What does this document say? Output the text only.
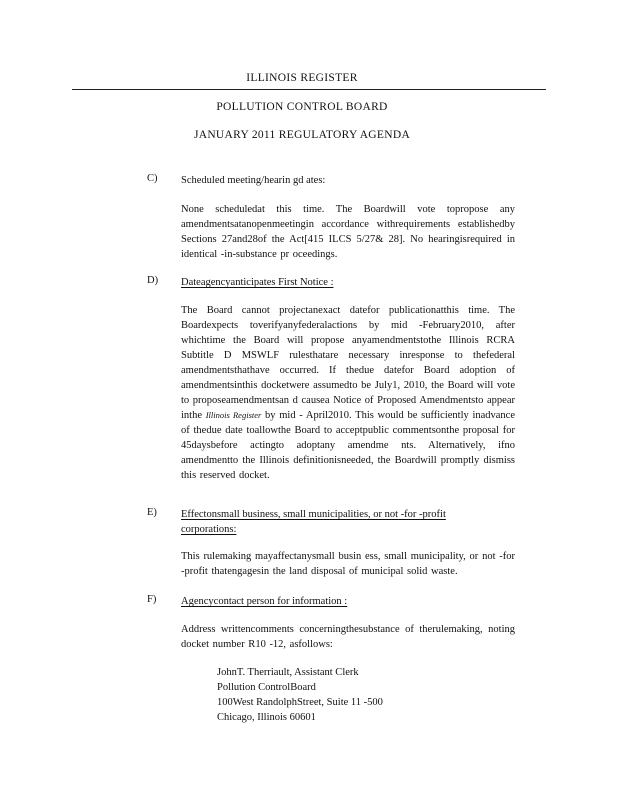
ILLINOIS REGISTER
POLLUTION CONTROL BOARD
JANUARY 2011 REGULATORY AGENDA
C) Scheduled meeting/hearin gd ates:
None scheduledat this time. The Boardwill vote topropose any amendmentsatanopenmeetingin accordance withrequirements establishedby Sections 27and28of the Act[415 ILCS 5/27& 28]. No hearingisrequired in identical -in-substance pr oceedings.
D) Dateagencyanticipates First Notice :
The Board cannot projectanexact datefor publicationatthis time. The Boardexpects toverifyanyfederalactions by mid -February2010, after whichtime the Board will propose anyamendmentstothe Illinois RCRA Subtitle D MSWLF rulesthatare necessary inresponse to thefederal amendmentsthathave occurred. If thedue datefor Board adoption of amendmentsinthis docketwere assumedto be July1, 2010, the Board will vote to proposeamendmentsan d causea Notice of Proposed Amendmentsto appear inthe Illinois Register by mid - April2010. This would be sufficiently inadvance of thedue date toallowthe Board to acceptpublic commentsonthe proposal for 45daysbefore actingto adoptany amendme nts. Alternatively, ifno amendmentto the Illinois definitionisneeded, the Boardwill promptly dismiss this reserved docket.
E) Effectonsmall business, small municipalities, or not -for -profit corporations:
This rulemaking mayaffectanysmall busin ess, small municipality, or not -for -profit thatengagesin the land disposal of municipal solid waste.
F) Agencycontact person for information :
Address writtencomments concerningthesubstance of therulemaking, noting docket number R10 -12, asfollows:
JohnT. Therriault, Assistant Clerk
Pollution ControlBoard
100West RandolphStreet, Suite 11 -500
Chicago, Illinois 60601
